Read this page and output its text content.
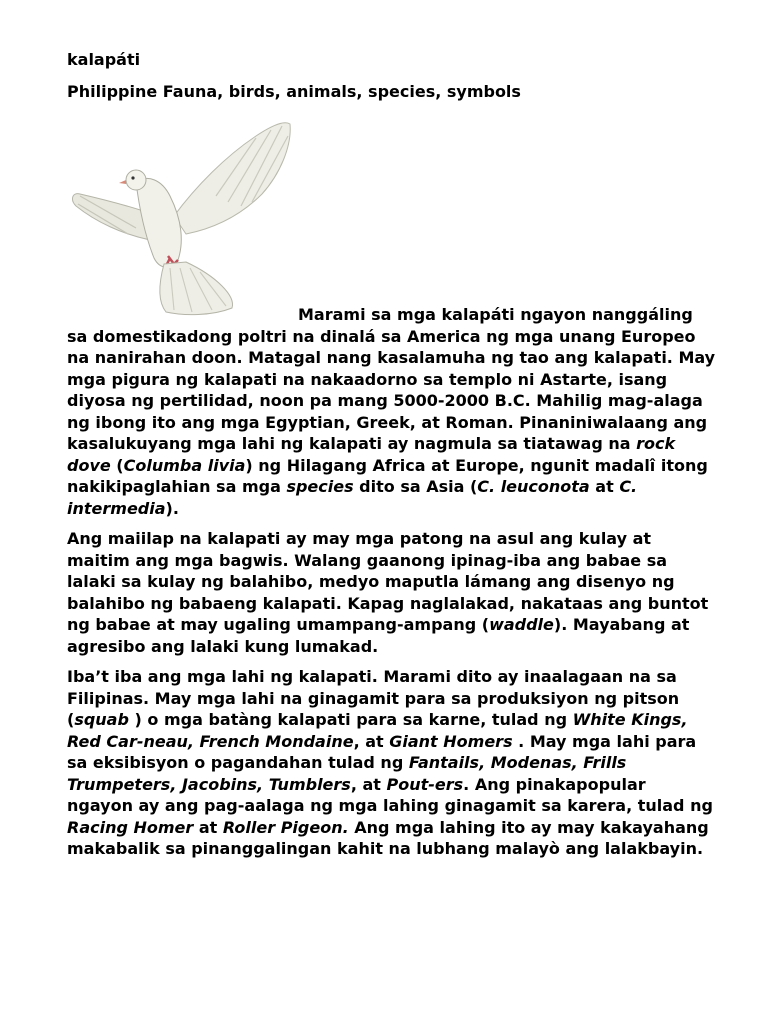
kalapáti
Philippine Fauna, birds, animals, species, symbols

Marami sa mga kalapáti ngayon nanggáling sa domestikadong poltri na dinalá sa America ng mga unang Europeo na nanirahan doon. Matagal nang kasalamuha ng tao ang kalapati. May mga pigura ng kalapati na nakaadorno sa templo ni Astarte, isang diyosa ng pertilidad, noon pa mang 5000-2000 B.C. Mahilig mag-alaga ng ibong ito ang mga Egyptian, Greek, at Roman. Pinaniniwalaang ang kasalukuyang mga lahi ng kalapati ay nagmula sa tiatawag na rock dove (Columba livia) ng Hilagang Africa at Europe, ngunit madalî itong nakikipaglahian sa mga species dito sa Asia (C. leuconota at C. intermedia).

Ang maiilap na kalapati ay may mga patong na asul ang kulay at maitim ang mga bagwis. Walang gaanong ipinag-iba ang babae sa lalaki sa kulay ng balahibo, medyo maputla lámang ang disenyo ng balahibo ng babaeng kalapati. Kapag naglalakad, nakataas ang buntot ng babae at may ugaling umampang-ampang (waddle). Mayabang at agresibo ang lalaki kung lumakad.

Iba’t iba ang mga lahi ng kalapati. Marami dito ay inaalagaan na sa Filipinas. May mga lahi na ginagamit para sa produksiyon ng pitson (squab ) o mga batàng kalapati para sa karne, tulad ng White Kings, Red Car-neau, French Mondaine, at Giant Homers . May mga lahi para sa eksibisyon o pagandahan tulad ng Fantails, Modenas, Frills Trumpeters, Jacobins, Tumblers, at Pout-ers. Ang pinakapopular ngayon ay ang pag-aalaga ng mga lahing ginagamit sa karera, tulad ng Racing Homer at Roller Pigeon. Ang mga lahing ito ay may kakayahang makabalik sa pinanggalingan kahit na lubhang malayò ang lalakbayin.
